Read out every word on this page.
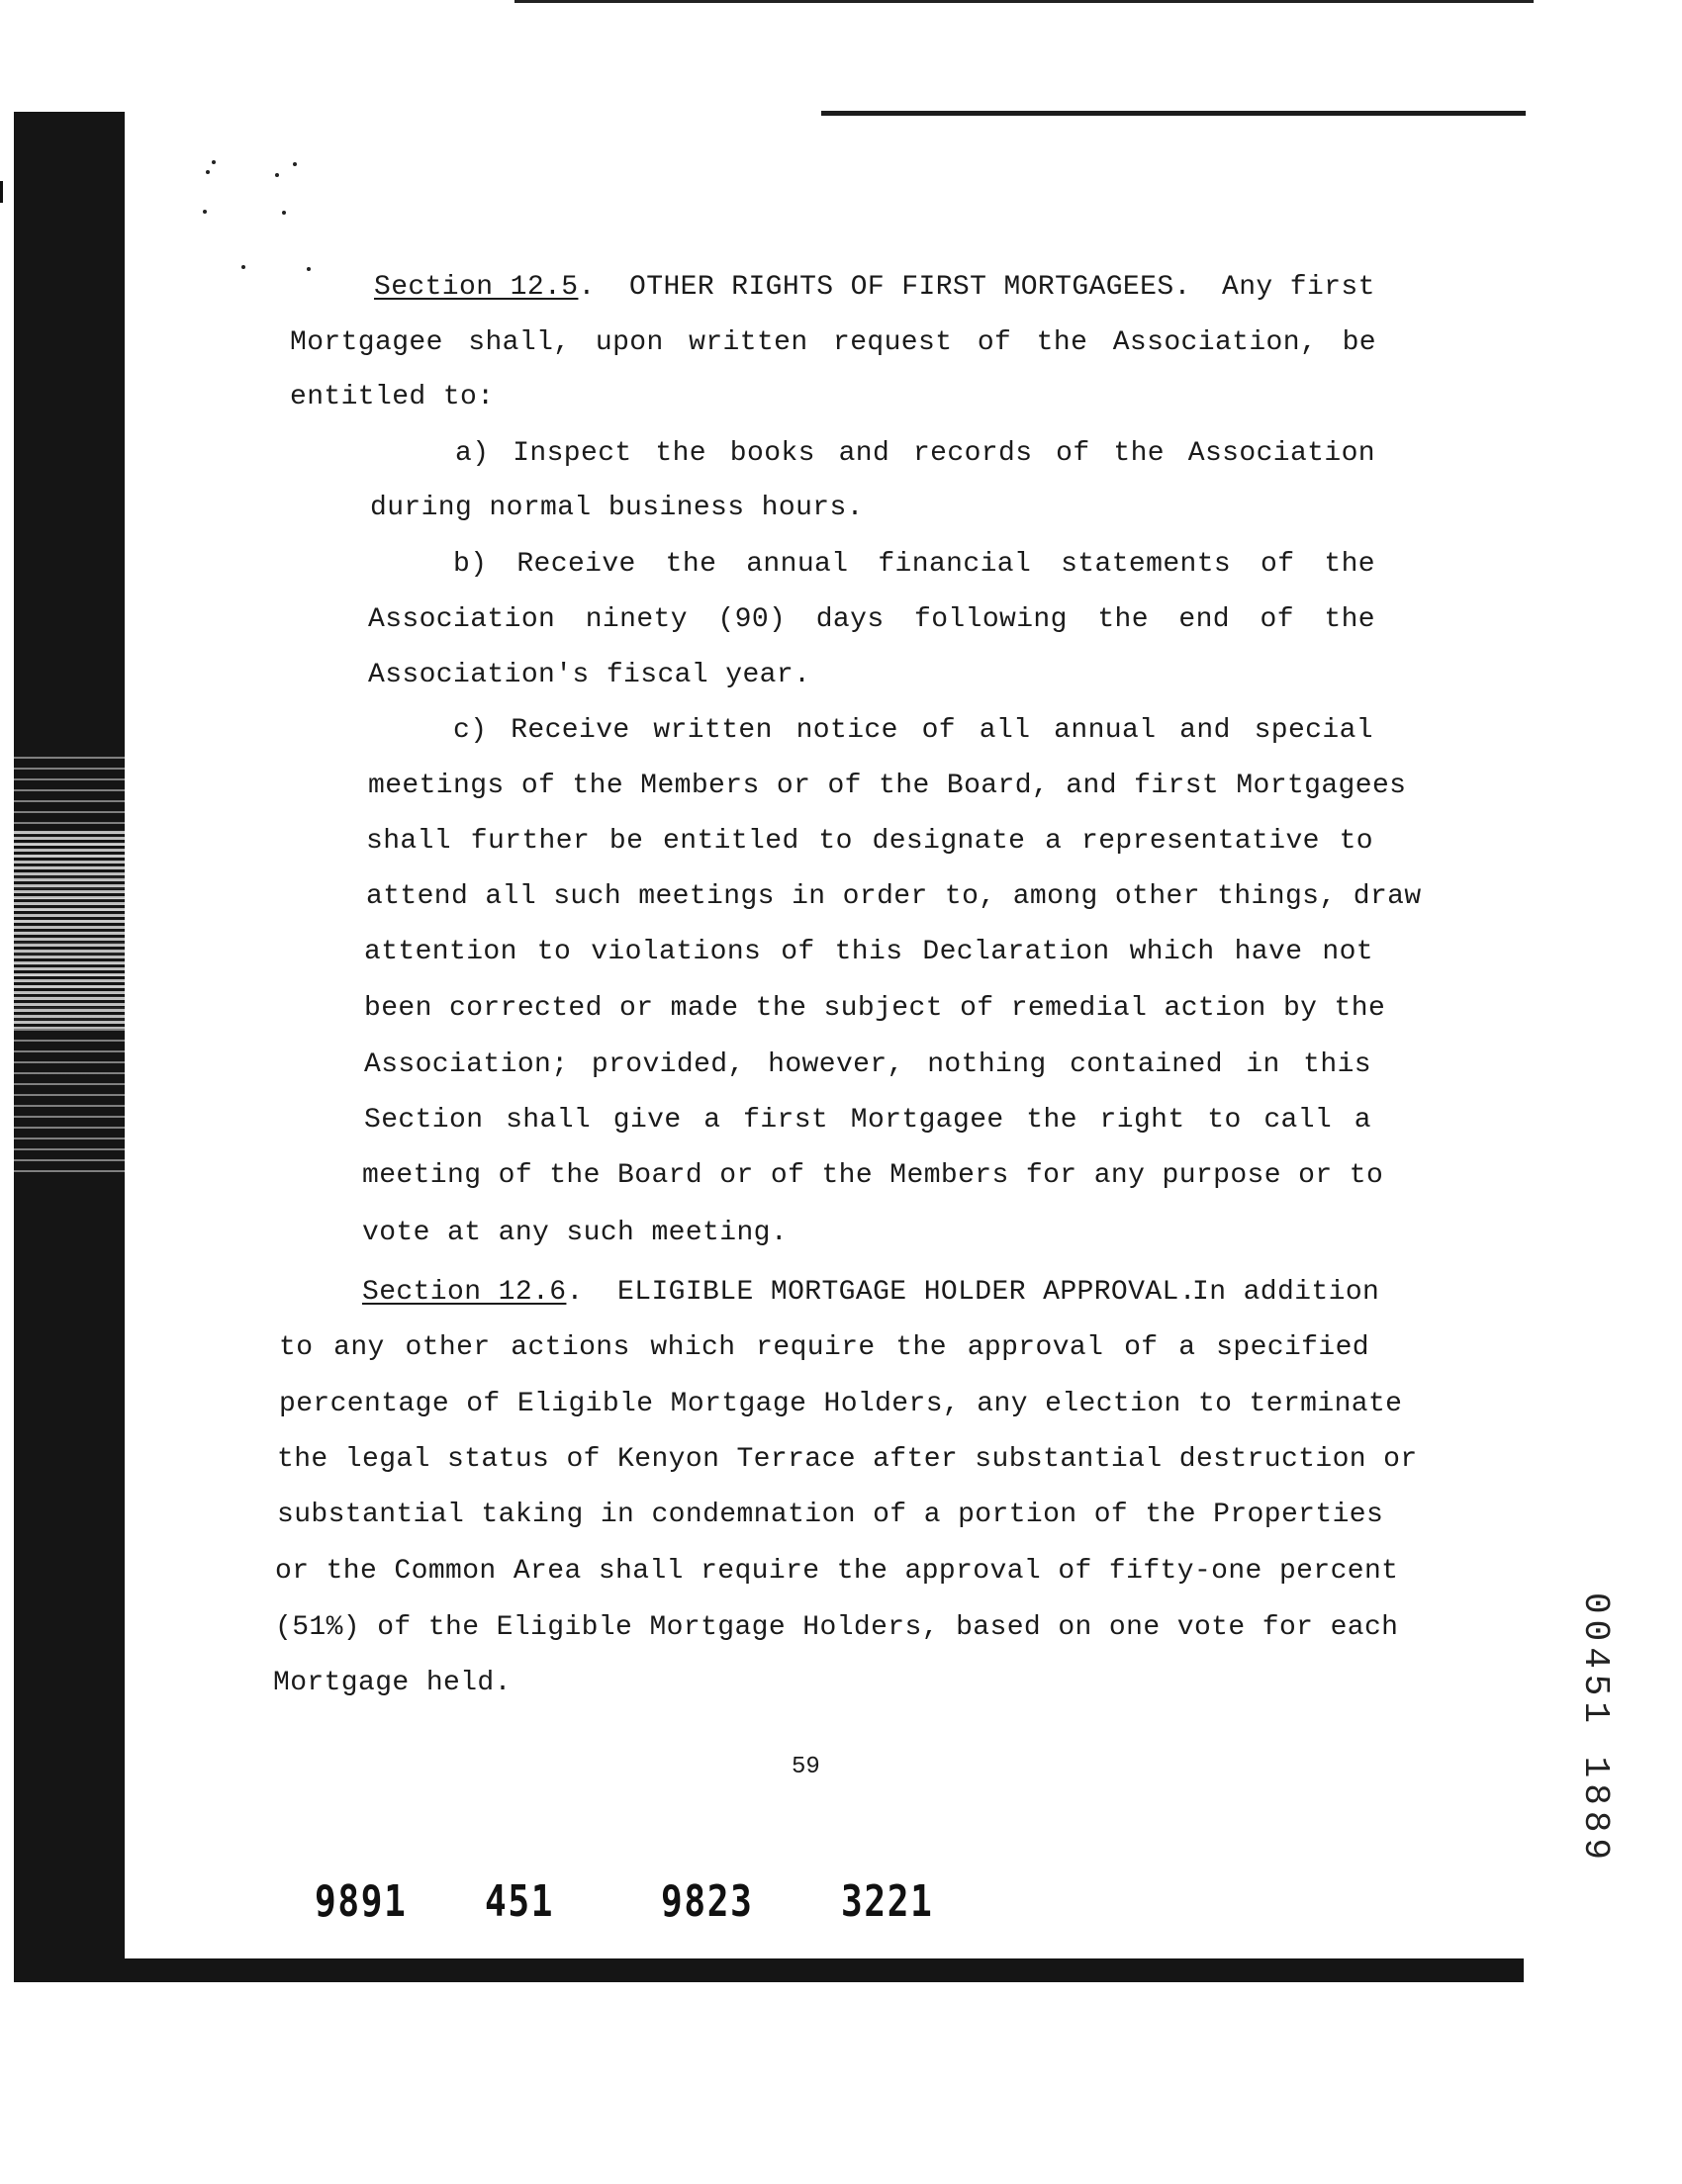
Section 12.5.  OTHER RIGHTS OF FIRST MORTGAGEES. Any first
Mortgagee shall, upon written request of the Association, be
entitled to:
a) Inspect the books and records of the Association
during normal business hours.
b) Receive the annual financial statements of the
Association ninety (90) days following the end of the
Association's fiscal year.
c) Receive written notice of all annual and special
meetings of the Members or of the Board, and first Mortgagees
shall further be entitled to designate a representative to
attend all such meetings in order to, among other things, draw
attention to violations of this Declaration which have not
been corrected or made the subject of remedial action by the
Association; provided, however, nothing contained in this
Section shall give a first Mortgagee the right to call a
meeting of the Board or of the Members for any purpose or to
vote at any such meeting.
Section 12.6.  ELIGIBLE MORTGAGE HOLDER APPROVAL.
In addition
to any other actions which require the approval of a specified
percentage of Eligible Mortgage Holders, any election to terminate
the legal status of Kenyon Terrace after substantial destruction or
substantial taking in condemnation of a portion of the Properties
or the Common Area shall require the approval of fifty-one percent
(51%) of the Eligible Mortgage Holders, based on one vote for each
Mortgage held.
59
9891 451 9823 3221
00451 1889
